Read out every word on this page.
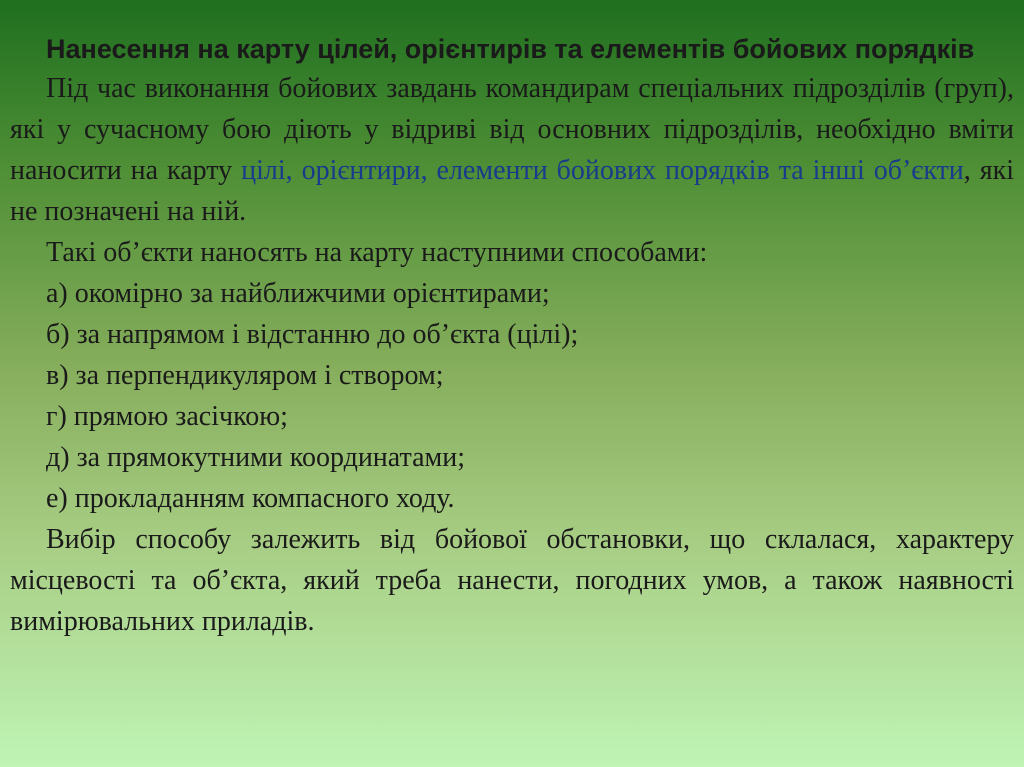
Нанесення на карту цілей, орієнтирів та елементів бойових порядків

Під час виконання бойових завдань командирам спеціальних підрозділів (груп), які у сучасному бою діють у відриві від основних підрозділів, необхідно вміти наносити на карту цілі, орієнтири, елементи бойових порядків та інші об’єкти, які не позначені на ній.

Такі об’єкти наносять на карту наступними способами:

а) окомірно за найближчими орієнтирами;

б) за напрямом і відстанню до об’єкта (цілі);

в) за перпендикуляром і створом;

г) прямою засічкою;

д) за прямокутними координатами;

е) прокладанням компасного ходу.

Вибір способу залежить від бойової обстановки, що склалася, характеру місцевості та об’єкта, який треба нанести, погодних умов, а також наявності вимірювальних приладів.
